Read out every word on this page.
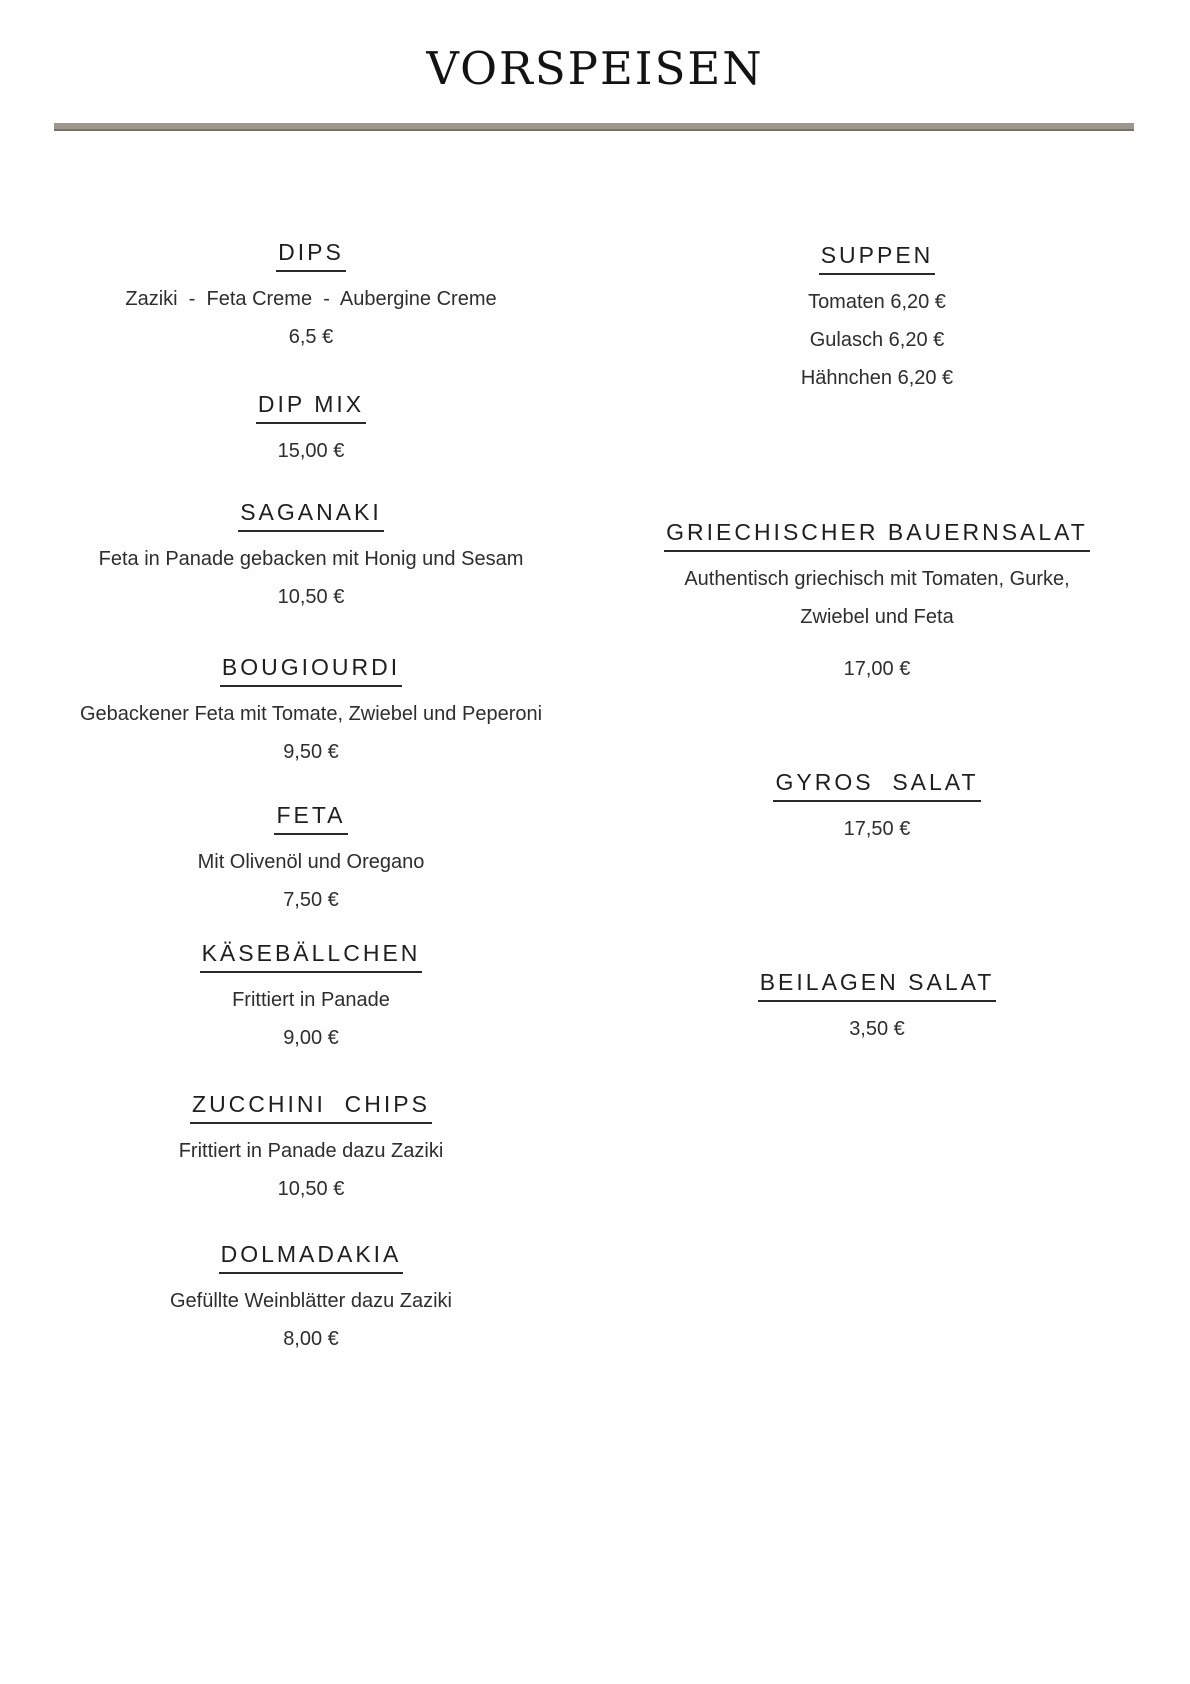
VORSPEISEN
DIPS

Zaziki  -  Feta Creme  -  Aubergine Creme

6,5 €

DIP MIX

15,00 €

SAGANAKI

Feta in Panade gebacken mit Honig und Sesam

10,50 €

BOUGIOURDI

Gebackener Feta mit Tomate, Zwiebel und Peperoni

9,50 €

FETA

Mit Olivenöl und Oregano

7,50 €

KÄSEBÄLLCHEN

Frittiert in Panade

9,00 €

ZUCCHINI  CHIPS

Frittiert in Panade dazu Zaziki

10,50 €

DOLMADAKIA

Gefüllte Weinblätter dazu Zaziki

8,00 €

SUPPEN

Tomaten 6,20 €

Gulasch 6,20 €

Hähnchen 6,20 €

GRIECHISCHER BAUERNSALAT

Authentisch griechisch mit Tomaten, Gurke,

Zwiebel und Feta

17,00 €

GYROS  SALAT

17,50 €

BEILAGEN SALAT

3,50 €
